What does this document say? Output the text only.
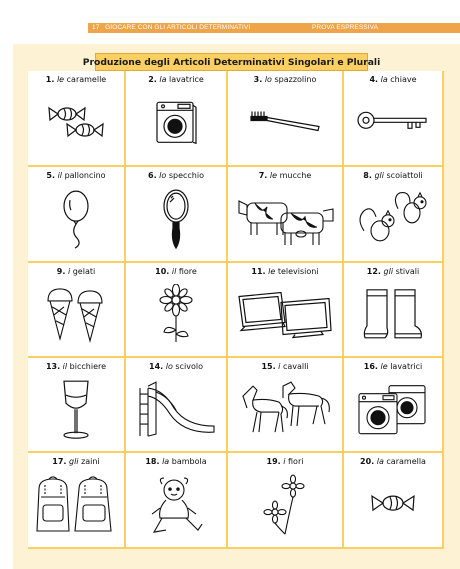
17 GIOCARE CON GLI ARTICOLI DETERMINATIVI	PROVA ESPRESSIVA
Produzione degli Articoli Determinativi Singolari e Plurali
1. le caramelle	2. la lavatrice	3. lo spazzolino	4. la chiave
5. il palloncino	6. lo specchio	7. le mucche	8. gli scoiattoli
9. i gelati	10. il fiore	11. le televisioni	12. gli stivali
13. il bicchiere	14. lo scivolo	15. i cavalli	16. le lavatrici
17. gli zaini	18. la bambola	19. i fiori	20. la caramella
